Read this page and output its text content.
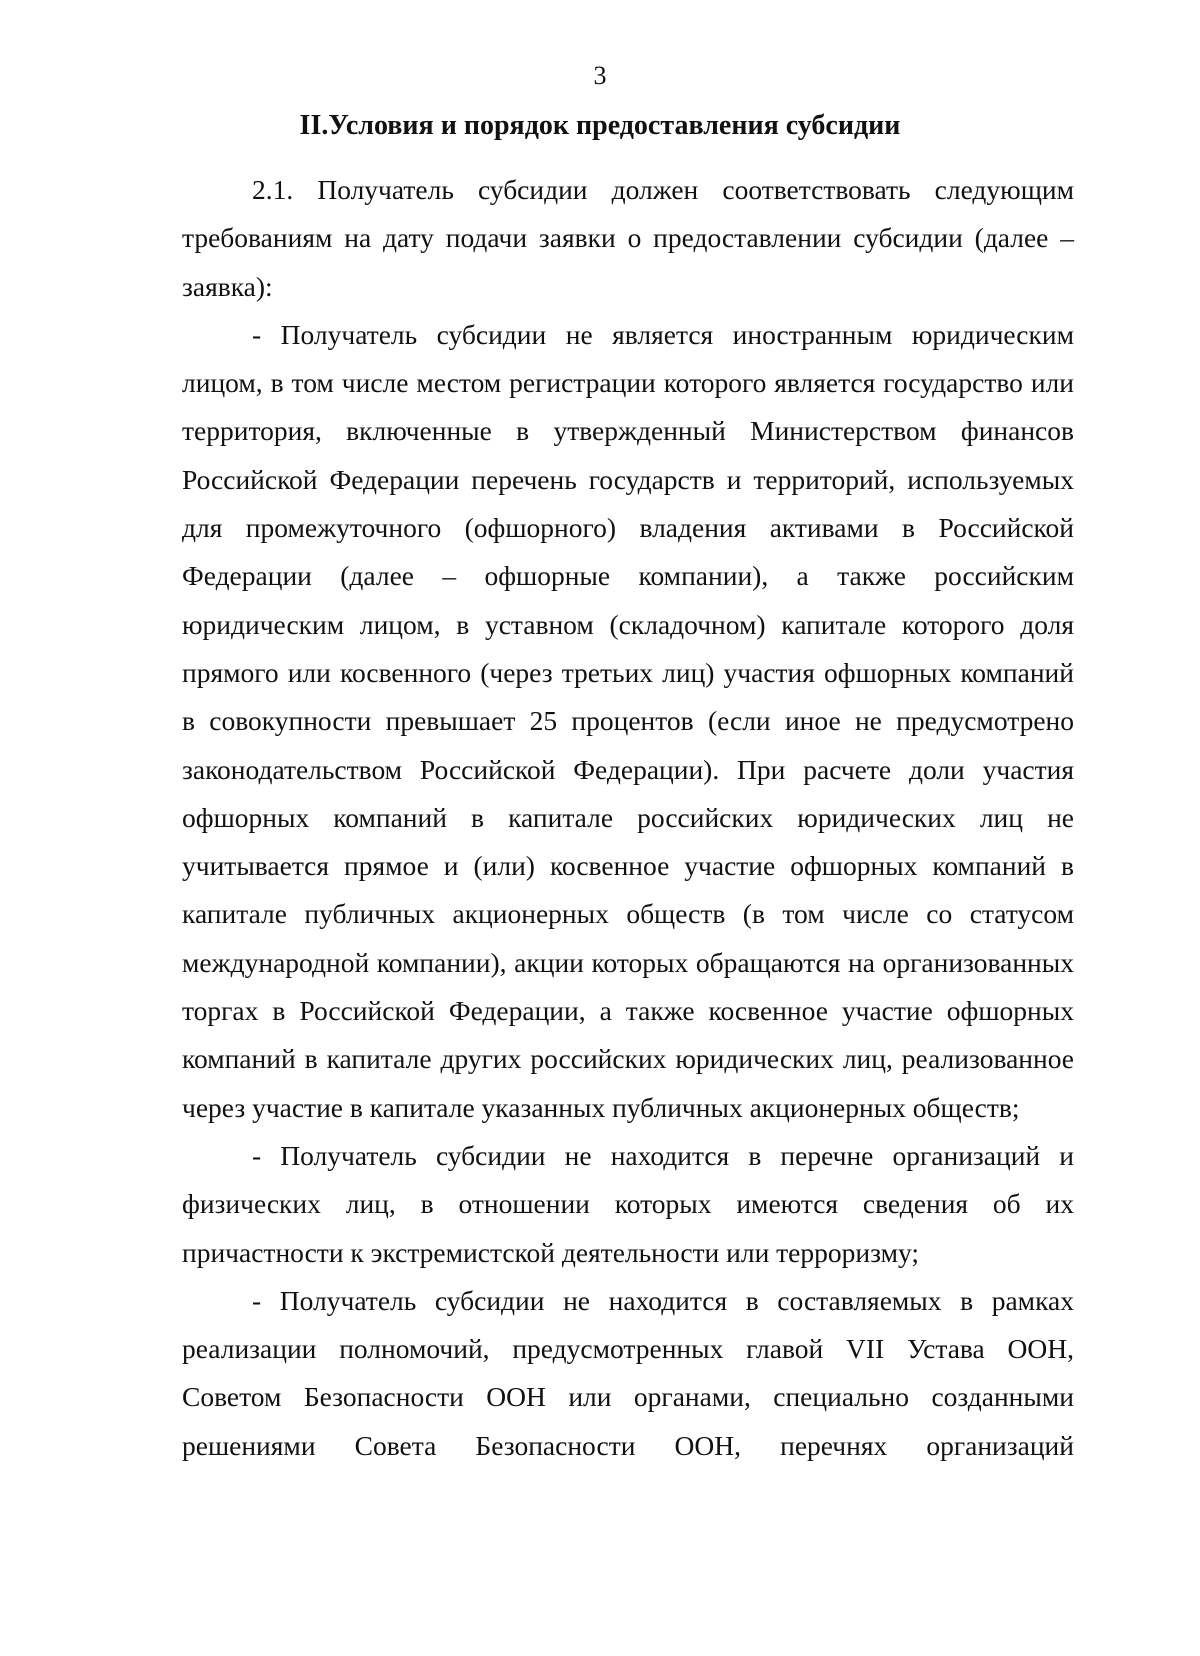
3
II.Условия и порядок предоставления субсидии

2.1. Получатель субсидии должен соответствовать следующим требованиям на дату подачи заявки о предоставлении субсидии (далее – заявка):

- Получатель субсидии не является иностранным юридическим лицом, в том числе местом регистрации которого является государство или территория, включенные в утвержденный Министерством финансов Российской Федерации перечень государств и территорий, используемых для промежуточного (офшорного) владения активами в Российской Федерации (далее – офшорные компании), а также российским юридическим лицом, в уставном (складочном) капитале которого доля прямого или косвенного (через третьих лиц) участия офшорных компаний в совокупности превышает 25 процентов (если иное не предусмотрено законодательством Российской Федерации). При расчете доли участия офшорных компаний в капитале российских юридических лиц не учитывается прямое и (или) косвенное участие офшорных компаний в капитале публичных акционерных обществ (в том числе со статусом международной компании), акции которых обращаются на организованных торгах в Российской Федерации, а также косвенное участие офшорных компаний в капитале других российских юридических лиц, реализованное через участие в капитале указанных публичных акционерных обществ;

- Получатель субсидии не находится в перечне организаций и физических лиц, в отношении которых имеются сведения об их причастности к экстремистской деятельности или терроризму;

- Получатель субсидии не находится в составляемых в рамках реализации полномочий, предусмотренных главой VII Устава ООН, Советом Безопасности ООН или органами, специально созданными решениями Совета Безопасности ООН, перечнях организаций
